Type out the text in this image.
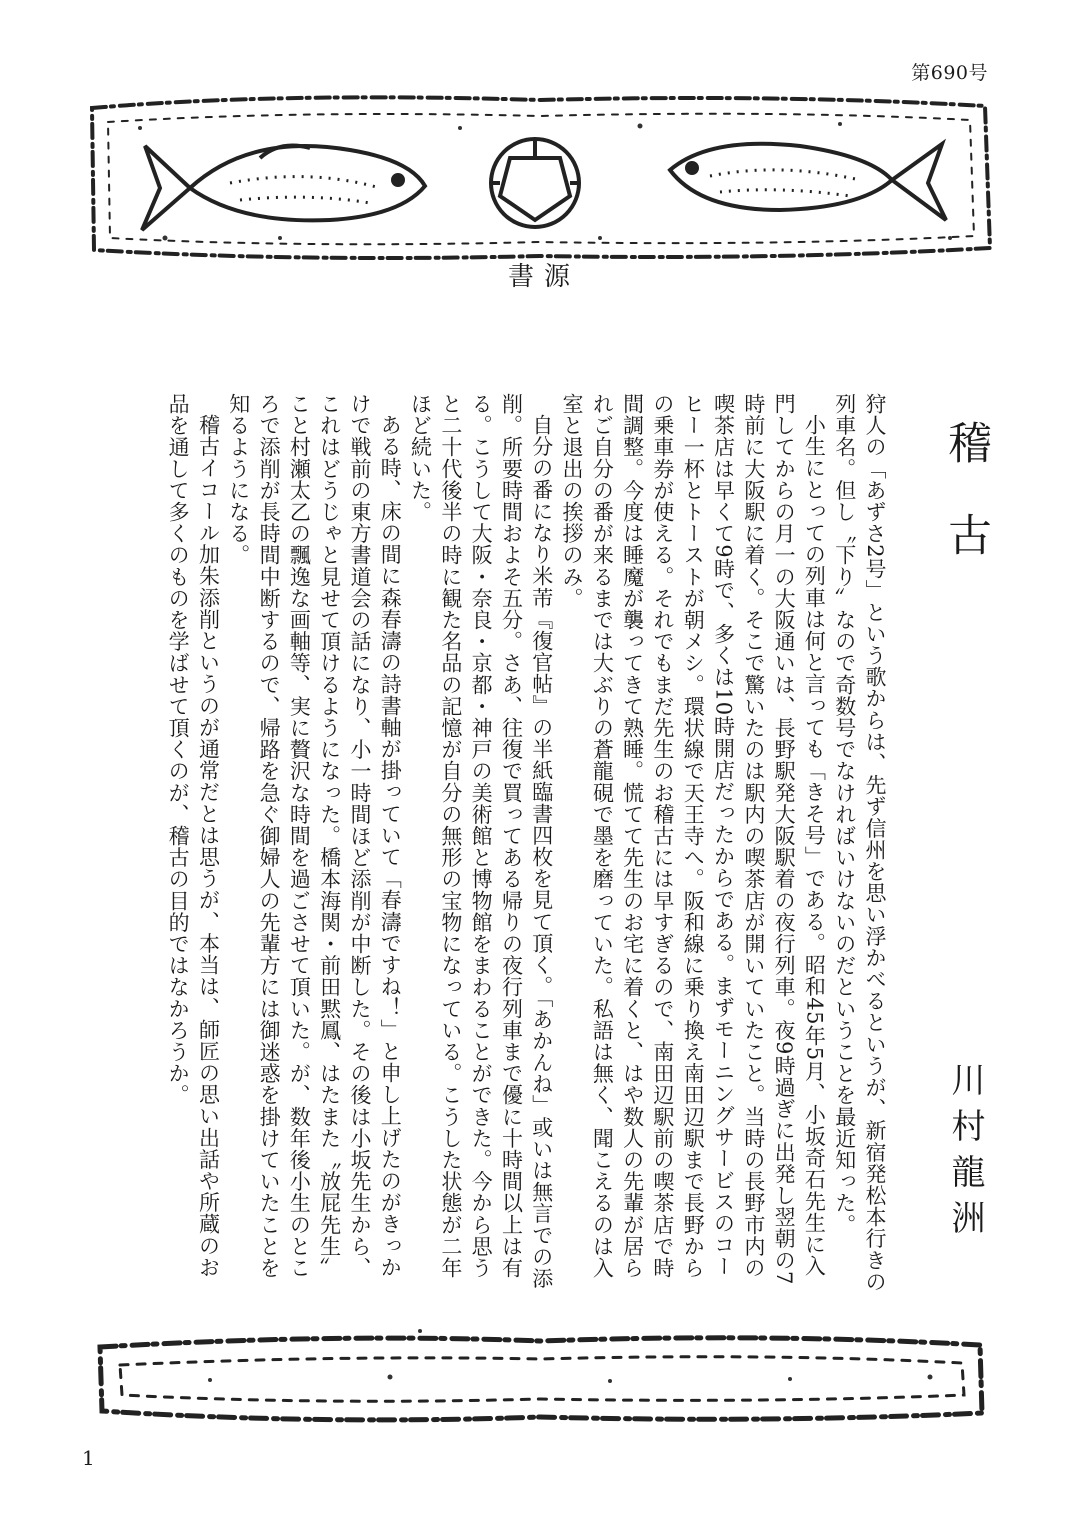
第690号
書源
稽古
川村龍洲

狩人の「あずさ2号」という歌からは、先ず信州を思い浮かべるというが、新宿発松本行きの列車名。但し〝下り〟なので奇数号でなければいけないのだということを最近知った。

小生にとっての列車は何と言っても「きそ号」である。昭和45年5月、小坂奇石先生に入門してからの月一の大阪通いは、長野駅発大阪駅着の夜行列車。夜9時過ぎに出発し翌朝の7時前に大阪駅に着く。そこで驚いたのは駅内の喫茶店が開いていたこと。当時の長野市内の喫茶店は早くて9時で、多くは10時開店だったからである。まずモーニングサービスのコーヒー一杯とトーストが朝メシ。環状線で天王寺へ。阪和線に乗り換え南田辺駅まで長野からの乗車券が使える。それでもまだ先生のお稽古には早すぎるので、南田辺駅前の喫茶店で時間調整。今度は睡魔が襲ってきて熟睡。慌てて先生のお宅に着くと、はや数人の先輩が居られご自分の番が来るまでは大ぶりの蒼龍硯で墨を磨っていた。私語は無く、聞こえるのは入室と退出の挨拶のみ。

自分の番になり米芾『復官帖』の半紙臨書四枚を見て頂く。「あかんね」或いは無言での添削。所要時間およそ五分。さあ、往復で買ってある帰りの夜行列車まで優に十時間以上は有る。こうして大阪・奈良・京都・神戸の美術館と博物館をまわることができた。今から思うと二十代後半の時に観た名品の記憶が自分の無形の宝物になっている。こうした状態が二年ほど続いた。

ある時、床の間に森春濤の詩書軸が掛っていて「春濤ですね！」と申し上げたのがきっかけで戦前の東方書道会の話になり、小一時間ほど添削が中断した。その後は小坂先生から、これはどうじゃと見せて頂けるようになった。橋本海関・前田黙鳳、はたまた〝放屁先生〟こと村瀬太乙の飄逸な画軸等、実に贅沢な時間を過ごさせて頂いた。が、数年後小生のところで添削が長時間中断するので、帰路を急ぐ御婦人の先輩方には御迷惑を掛けていたことを知るようになる。

稽古イコール加朱添削というのが通常だとは思うが、本当は、師匠の思い出話や所蔵のお品を通して多くのものを学ばせて頂くのが、稽古の目的ではなかろうか。

1
